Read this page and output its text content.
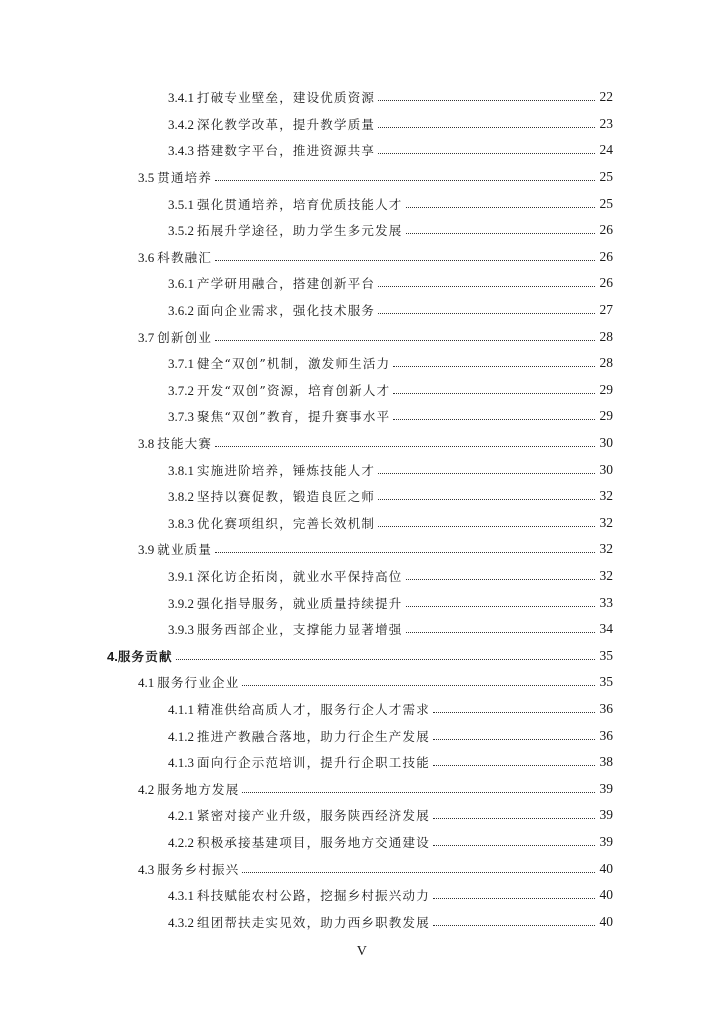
3.4.1 打破专业壁垒，建设优质资源	22
3.4.2 深化教学改革，提升教学质量	23
3.4.3 搭建数字平台，推进资源共享	24
3.5 贯通培养	25
3.5.1 强化贯通培养，培育优质技能人才	25
3.5.2 拓展升学途径，助力学生多元发展	26
3.6 科教融汇	26
3.6.1 产学研用融合，搭建创新平台	26
3.6.2 面向企业需求，强化技术服务	27
3.7 创新创业	28
3.7.1 健全“双创”机制，激发师生活力	28
3.7.2 开发“双创”资源，培育创新人才	29
3.7.3 聚焦“双创”教育，提升赛事水平	29
3.8 技能大赛	30
3.8.1 实施进阶培养，锤炼技能人才	30
3.8.2 坚持以赛促教，锻造良匠之师	32
3.8.3 优化赛项组织，完善长效机制	32
3.9 就业质量	32
3.9.1 深化访企拓岗，就业水平保持高位	32
3.9.2 强化指导服务，就业质量持续提升	33
3.9.3 服务西部企业，支撑能力显著增强	34
4.服务贡献	35
4.1 服务行业企业	35
4.1.1 精准供给高质人才，服务行企人才需求	36
4.1.2 推进产教融合落地，助力行企生产发展	36
4.1.3 面向行企示范培训，提升行企职工技能	38
4.2 服务地方发展	39
4.2.1 紧密对接产业升级，服务陕西经济发展	39
4.2.2 积极承接基建项目，服务地方交通建设	39
4.3 服务乡村振兴	40
4.3.1 科技赋能农村公路，挖掘乡村振兴动力	40
4.3.2 组团帮扶走实见效，助力西乡职教发展	40
V
